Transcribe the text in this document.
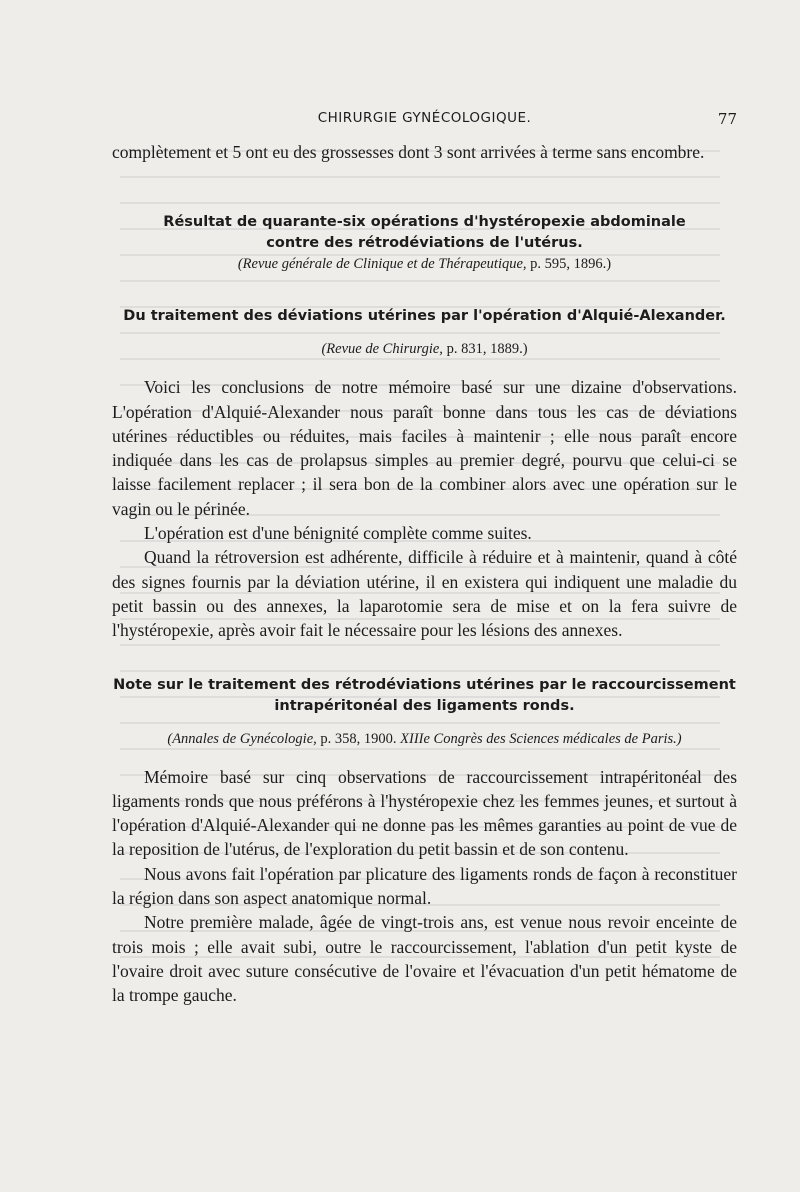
CHIRURGIE GYNÉCOLOGIQUE.	77

complètement et 5 ont eu des grossesses dont 3 sont arrivées à terme sans encombre.

Résultat de quarante-six opérations d'hystéropexie abdominale
contre des rétrodéviations de l'utérus.
(Revue générale de Clinique et de Thérapeutique, p. 595, 1896.)
Du traitement des déviations utérines par l'opération d'Alquié-Alexander.
(Revue de Chirurgie, p. 831, 1889.)

Voici les conclusions de notre mémoire basé sur une dizaine d'observations. L'opération d'Alquié-Alexander nous paraît bonne dans tous les cas de déviations utérines réductibles ou réduites, mais faciles à maintenir ; elle nous paraît encore indiquée dans les cas de prolapsus simples au premier degré, pourvu que celui-ci se laisse facilement replacer ; il sera bon de la combiner alors avec une opération sur le vagin ou le périnée.

L'opération est d'une bénignité complète comme suites.

Quand la rétroversion est adhérente, difficile à réduire et à maintenir, quand à côté des signes fournis par la déviation utérine, il en existera qui indiquent une maladie du petit bassin ou des annexes, la laparotomie sera de mise et on la fera suivre de l'hystéropexie, après avoir fait le nécessaire pour les lésions des annexes.

Note sur le traitement des rétrodéviations utérines par le raccourcissement
intrapéritonéal des ligaments ronds.
(Annales de Gynécologie, p. 358, 1900. XIIIe Congrès des Sciences médicales de Paris.)

Mémoire basé sur cinq observations de raccourcissement intrapéritonéal des ligaments ronds que nous préférons à l'hystéropexie chez les femmes jeunes, et surtout à l'opération d'Alquié-Alexander qui ne donne pas les mêmes garanties au point de vue de la reposition de l'utérus, de l'exploration du petit bassin et de son contenu.

Nous avons fait l'opération par plicature des ligaments ronds de façon à reconstituer la région dans son aspect anatomique normal.

Notre première malade, âgée de vingt-trois ans, est venue nous revoir enceinte de trois mois ; elle avait subi, outre le raccourcissement, l'ablation d'un petit kyste de l'ovaire droit avec suture consécutive de l'ovaire et l'évacuation d'un petit hématome de la trompe gauche.
